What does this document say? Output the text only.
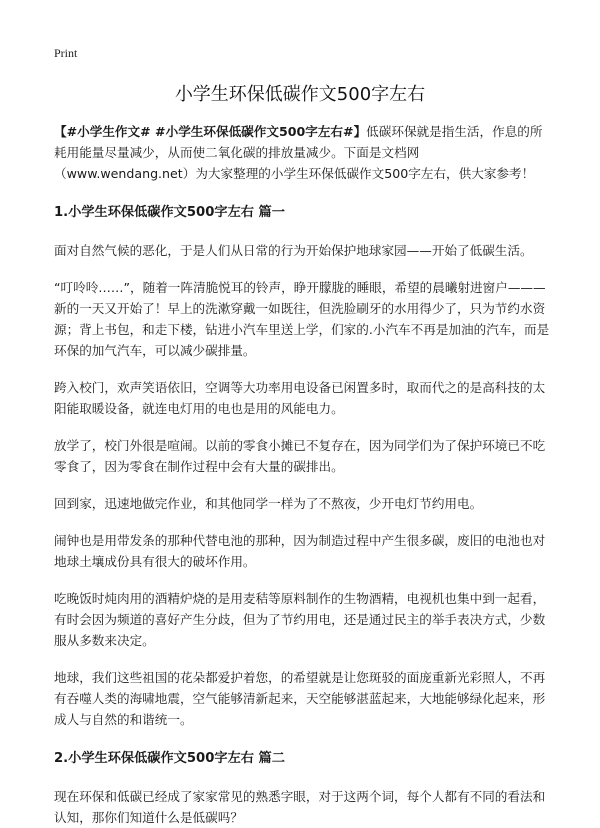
Print
小学生环保低碳作文500字左右

【#小学生作文# #小学生环保低碳作文500字左右#】低碳环保就是指生活，作息的所耗用能量尽量减少，从而使二氧化碳的排放量减少。下面是文档网（www.wendang.net）为大家整理的小学生环保低碳作文500字左右，供大家参考！

1.小学生环保低碳作文500字左右 篇一

面对自然气候的恶化，于是人们从日常的行为开始保护地球家园——开始了低碳生活。

“叮呤呤……”，随着一阵清脆悦耳的铃声，睁开朦胧的睡眼，希望的晨曦射进窗户———新的一天又开始了！早上的洗漱穿戴一如既往，但洗脸刷牙的水用得少了，只为节约水资源；背上书包，和走下楼，钻进小汽车里送上学，们家的.小汽车不再是加油的汽车，而是环保的加气汽车，可以减少碳排量。

跨入校门，欢声笑语依旧，空调等大功率用电设备已闲置多时，取而代之的是高科技的太阳能取暖设备，就连电灯用的电也是用的风能电力。

放学了，校门外很是喧闹。以前的零食小摊已不复存在，因为同学们为了保护环境已不吃零食了，因为零食在制作过程中会有大量的碳排出。

回到家，迅速地做完作业，和其他同学一样为了不熬夜，少开电灯节约用电。

闹钟也是用带发条的那种代替电池的那种，因为制造过程中产生很多碳，废旧的电池也对地球土壤成份具有很大的破坏作用。

吃晚饭时炖肉用的酒精炉烧的是用麦秸等原料制作的生物酒精，电视机也集中到一起看，有时会因为频道的喜好产生分歧，但为了节约用电，还是通过民主的举手表决方式，少数服从多数来决定。

地球，我们这些祖国的花朵都爱护着您，的希望就是让您斑驳的面庞重新光彩照人，不再有吞噬人类的海啸地震，空气能够清新起来，天空能够湛蓝起来，大地能够绿化起来，形成人与自然的和谐统一。

2.小学生环保低碳作文500字左右 篇二

现在环保和低碳已经成了家家常见的熟悉字眼，对于这两个词，每个人都有不同的看法和认知，那你们知道什么是低碳吗？
